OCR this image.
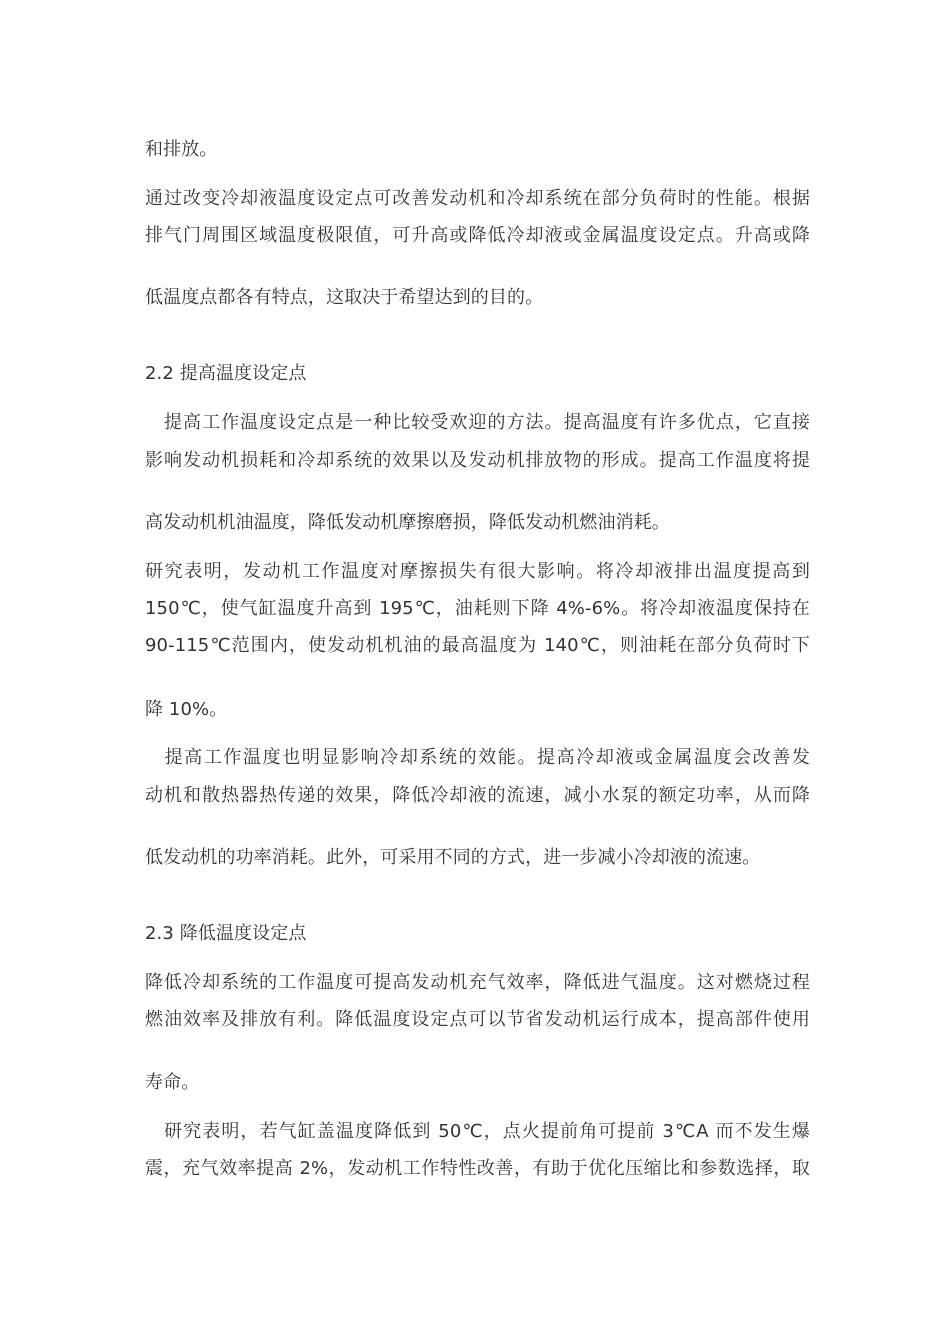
和排放。
通过改变冷却液温度设定点可改善发动机和冷却系统在部分负荷时的性能。根据
排气门周围区域温度极限值，可升高或降低冷却液或金属温度设定点。升高或降
低温度点都各有特点，这取决于希望达到的目的。
2.2 提高温度设定点
　提高工作温度设定点是一种比较受欢迎的方法。提高温度有许多优点，它直接
影响发动机损耗和冷却系统的效果以及发动机排放物的形成。提高工作温度将提
高发动机机油温度，降低发动机摩擦磨损，降低发动机燃油消耗。
研究表明，发动机工作温度对摩擦损失有很大影响。将冷却液排出温度提高到
150℃，使气缸温度升高到 195℃，油耗则下降 4%-6%。将冷却液温度保持在
90-115℃范围内，使发动机机油的最高温度为 140℃，则油耗在部分负荷时下
降 10%。
　提高工作温度也明显影响冷却系统的效能。提高冷却液或金属温度会改善发
动机和散热器热传递的效果，降低冷却液的流速，减小水泵的额定功率，从而降
低发动机的功率消耗。此外，可采用不同的方式，进一步减小冷却液的流速。
2.3 降低温度设定点
降低冷却系统的工作温度可提高发动机充气效率，降低进气温度。这对燃烧过程
燃油效率及排放有利。降低温度设定点可以节省发动机运行成本，提高部件使用
寿命。
　研究表明，若气缸盖温度降低到 50℃，点火提前角可提前 3℃A 而不发生爆
震，充气效率提高 2%，发动机工作特性改善，有助于优化压缩比和参数选择，取
